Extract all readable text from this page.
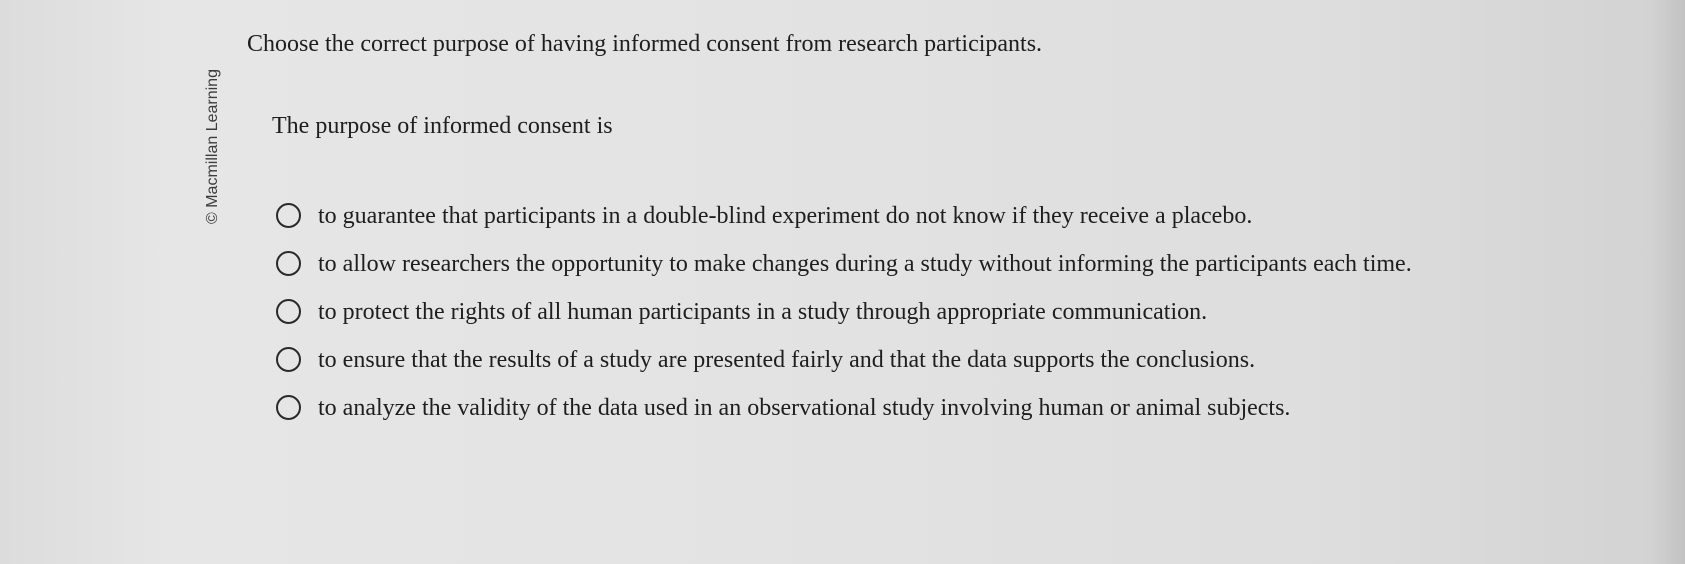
© Macmillan Learning
Choose the correct purpose of having informed consent from research participants.
The purpose of informed consent is
to guarantee that participants in a double-blind experiment do not know if they receive a placebo.
to allow researchers the opportunity to make changes during a study without informing the participants each time.
to protect the rights of all human participants in a study through appropriate communication.
to ensure that the results of a study are presented fairly and that the data supports the conclusions.
to analyze the validity of the data used in an observational study involving human or animal subjects.
